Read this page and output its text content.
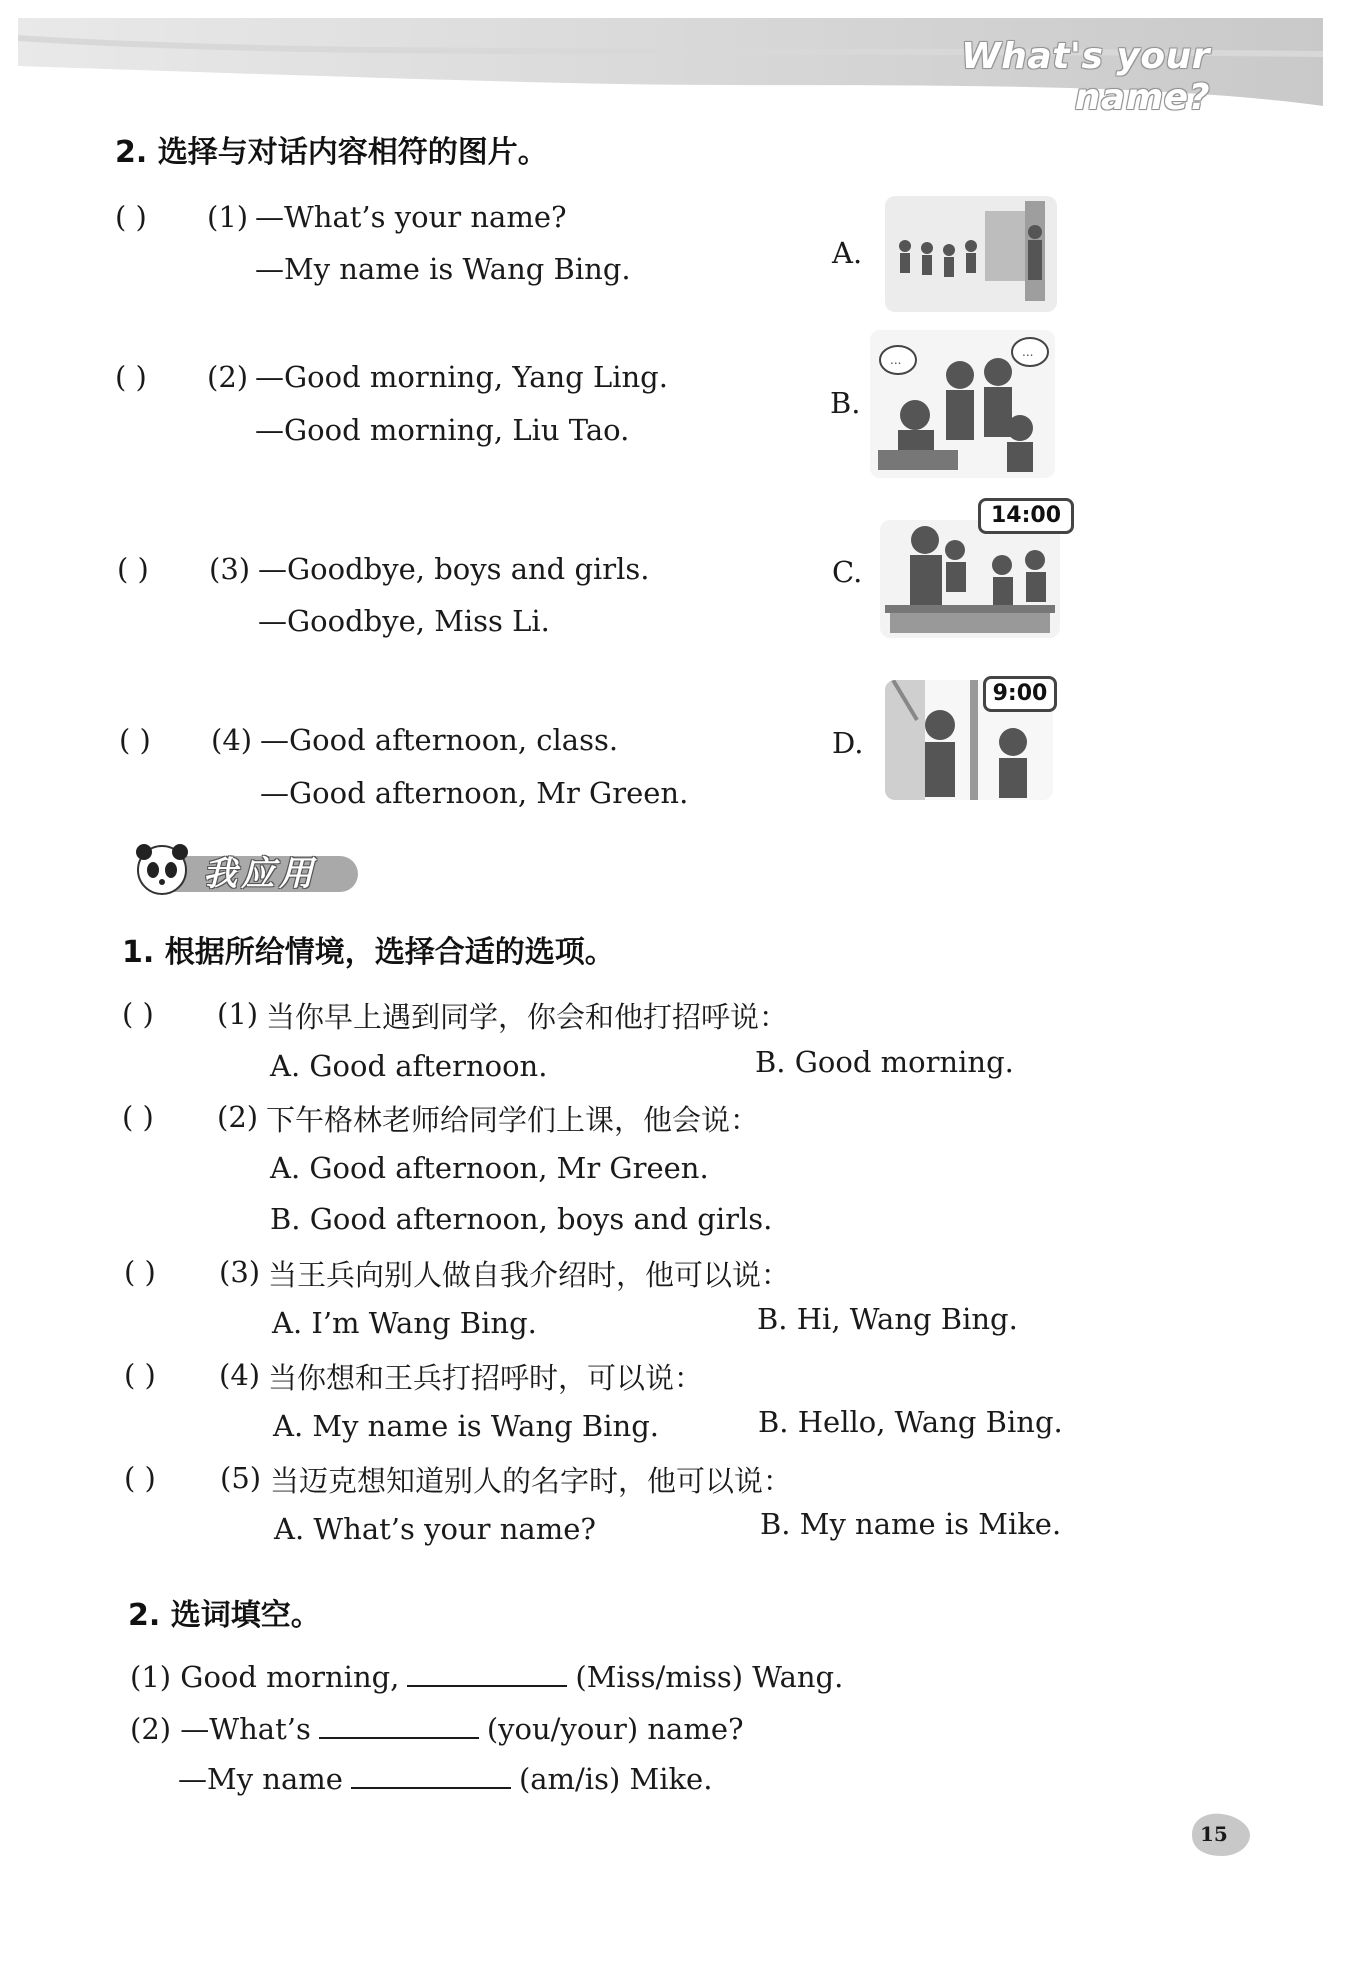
What's your name?
2. 选择与对话内容相符的图片。
( ) (1) —What’s your name?
—My name is Wang Bing.
( ) (2) —Good morning, Yang Ling.
—Good morning, Liu Tao.
( ) (3) —Goodbye, boys and girls.
—Goodbye, Miss Li.
( ) (4) —Good afternoon, class.
—Good afternoon, Mr Green.
A.
B.
...
...
C.
14:00
D.
9:00
我应用
1. 根据所给情境，选择合适的选项。
( ) (1) 当你早上遇到同学，你会和他打招呼说：
A. Good afternoon.	B. Good morning.
( ) (2) 下午格林老师给同学们上课，他会说：
A. Good afternoon, Mr Green.
B. Good afternoon, boys and girls.
( ) (3) 当王兵向别人做自我介绍时，他可以说：
A. I’m Wang Bing.	B. Hi, Wang Bing.
( ) (4) 当你想和王兵打招呼时，可以说：
A. My name is Wang Bing.	B. Hello, Wang Bing.
( ) (5) 当迈克想知道别人的名字时，他可以说：
A. What’s your name?	B. My name is Mike.
2. 选词填空。
(1) Good morning,	(Miss/miss) Wang.
(2) —What’s	(you/your) name?
—My name	(am/is) Mike.
15
